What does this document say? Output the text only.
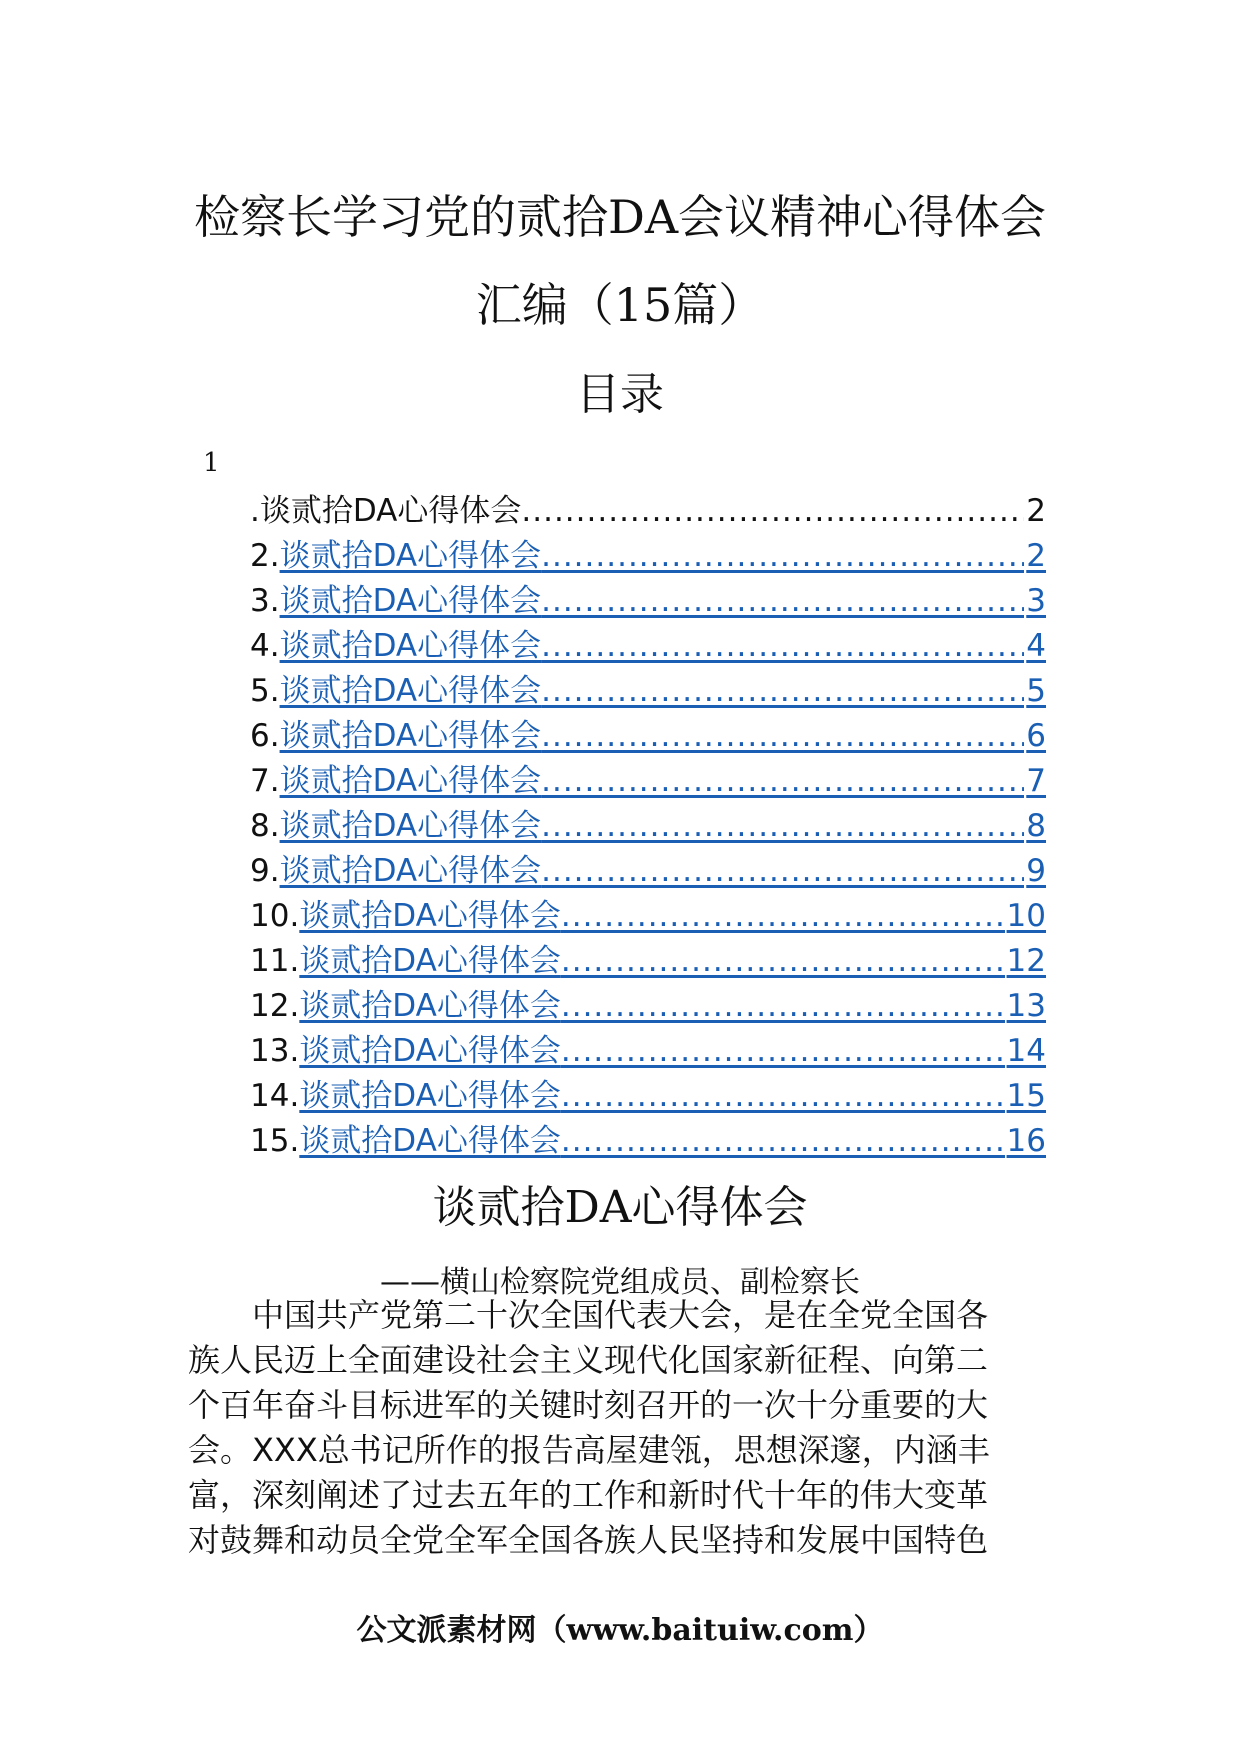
检察长学习党的贰拾DA会议精神心得体会
汇编（15篇）
目录
1
.谈贰拾DA心得体会 .....	2
2. 谈贰拾DA心得体会 .....	2
3. 谈贰拾DA心得体会 .....	3
4. 谈贰拾DA心得体会 .....	4
5. 谈贰拾DA心得体会 .....	5
6. 谈贰拾DA心得体会 .....	6
7. 谈贰拾DA心得体会 .....	7
8. 谈贰拾DA心得体会 .....	8
9. 谈贰拾DA心得体会 .....	9
10. 谈贰拾DA心得体会 .....	10
11. 谈贰拾DA心得体会 .....	12
12. 谈贰拾DA心得体会 .....	13
13. 谈贰拾DA心得体会 .....	14
14. 谈贰拾DA心得体会 .....	15
15. 谈贰拾DA心得体会 .....	16
谈贰拾DA心得体会
——横山检察院党组成员、副检察长
中国共产党第二十次全国代表大会，是在全党全国各
族人民迈上全面建设社会主义现代化国家新征程、向第二
个百年奋斗目标进军的关键时刻召开的一次十分重要的大
会。XXX总书记所作的报告高屋建瓴，思想深邃，内涵丰
富，深刻阐述了过去五年的工作和新时代十年的伟大变革
对鼓舞和动员全党全军全国各族人民坚持和发展中国特色
公文派素材网（www.baituiw.com）
